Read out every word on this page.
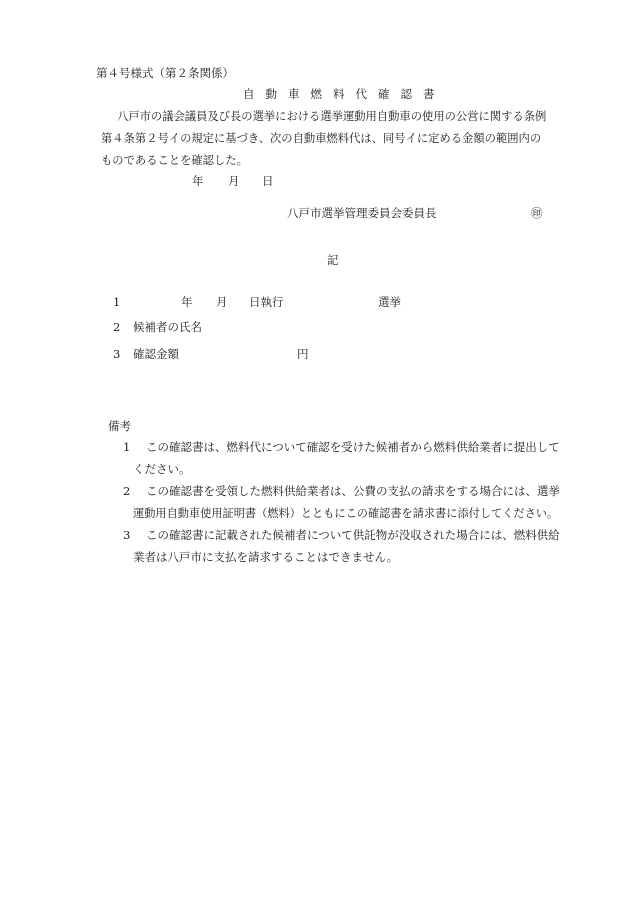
第４号様式（第２条関係）
自動車燃料代確認書
八戸市の議会議員及び長の選挙における選挙運動用自動車の使用の公営に関する条例
第４条第２号イの規定に基づき、次の自動車燃料代は、同号イに定める金額の範囲内の
ものであることを確認した。
年 月 日
八戸市選挙管理委員会委員長	㊞
記
1	年 月 日執行	選挙
2 候補者の氏名
3 確認金額	円
備考
1 この確認書は、燃料代について確認を受けた候補者から燃料供給業者に提出して
ください。
2 この確認書を受領した燃料供給業者は、公費の支払の請求をする場合には、選挙
運動用自動車使用証明書（燃料）とともにこの確認書を請求書に添付してください。
3 この確認書に記載された候補者について供託物が没収された場合には、燃料供給
業者は八戸市に支払を請求することはできません。
